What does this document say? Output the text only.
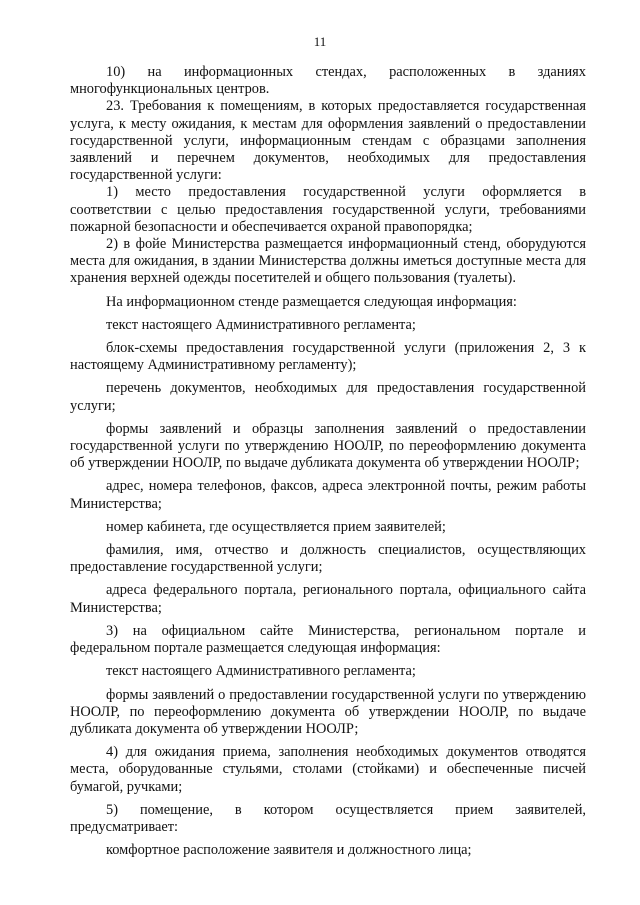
11

10) на информационных стендах, расположенных в зданиях многофункциональных центров.

23. Требования к помещениям, в которых предоставляется государственная услуга, к месту ожидания, к местам для оформления заявлений о предоставлении государственной услуги, информационным стендам с образцами заполнения заявлений и перечнем документов, необходимых для предоставления государственной услуги:

1) место предоставления государственной услуги оформляется в соответствии с целью предоставления государственной услуги, требованиями пожарной безопасности и обеспечивается охраной правопорядка;

2) в фойе Министерства размещается информационный стенд, оборудуются места для ожидания, в здании Министерства должны иметься доступные места для хранения верхней одежды посетителей и общего пользования (туалеты).

На информационном стенде размещается следующая информация:

текст настоящего Административного регламента;

блок-схемы предоставления государственной услуги (приложения 2, 3 к настоящему Административному регламенту);

перечень документов, необходимых для предоставления государственной услуги;

формы заявлений и образцы заполнения заявлений о предоставлении государственной услуги по утверждению НООЛР, по переоформлению документа об утверждении НООЛР, по выдаче дубликата документа об утверждении НООЛР;

адрес, номера телефонов, факсов, адреса электронной почты, режим работы Министерства;

номер кабинета, где осуществляется прием заявителей;

фамилия, имя, отчество и должность специалистов, осуществляющих предоставление государственной услуги;

адреса федерального портала, регионального портала, официального сайта Министерства;

3) на официальном сайте Министерства, региональном портале и федеральном портале размещается следующая информация:

текст настоящего Административного регламента;

формы заявлений о предоставлении государственной услуги по утверждению НООЛР, по переоформлению документа об утверждении НООЛР, по выдаче дубликата документа об утверждении НООЛР;

4) для ожидания приема, заполнения необходимых документов отводятся места, оборудованные стульями, столами (стойками) и обеспеченные писчей бумагой, ручками;

5) помещение, в котором осуществляется прием заявителей, предусматривает:

комфортное расположение заявителя и должностного лица;
